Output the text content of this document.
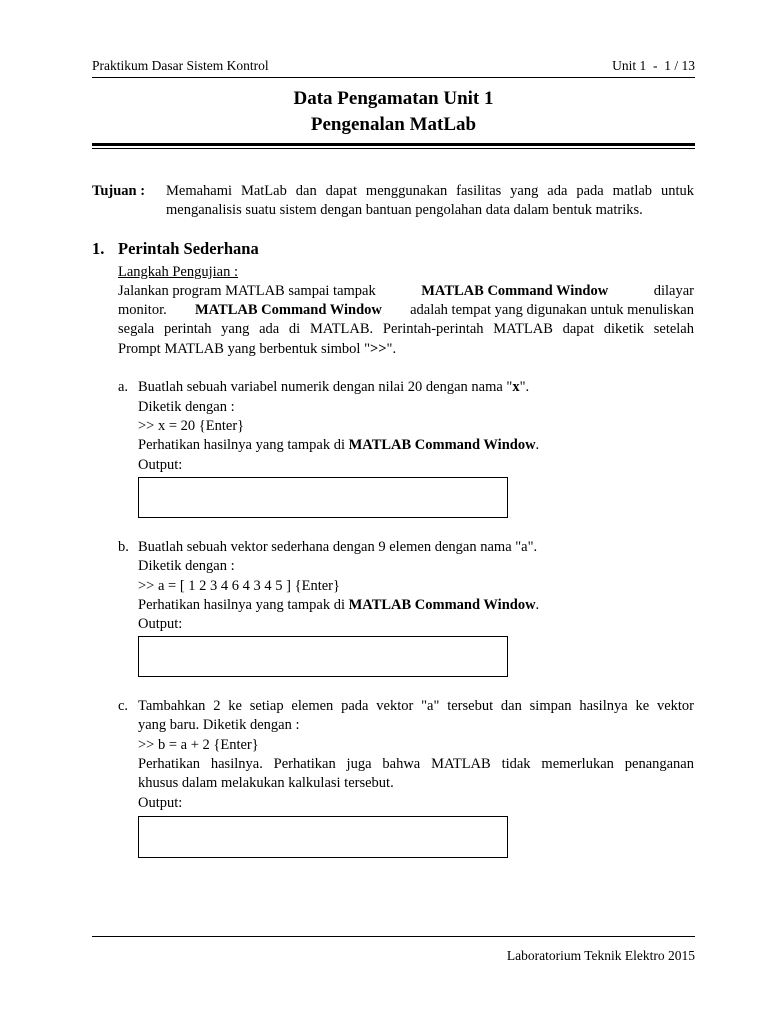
Praktikum Dasar Sistem Kontrol	Unit 1  -  1 / 13
Data Pengamatan Unit 1
Pengenalan MatLab
Tujuan : Memahami MatLab dan dapat menggunakan fasilitas yang ada pada matlab untuk
menganalisis suatu sistem dengan bantuan pengolahan data dalam bentuk matriks.
1. Perintah Sederhana
Langkah Pengujian :
Jalankan program MATLAB sampai tampak	MATLAB Command Window	dilayar
monitor. MATLAB Command Window adalah tempat yang digunakan untuk menuliskan
segala perintah yang ada di MATLAB. Perintah-perintah MATLAB dapat diketik setelah
Prompt MATLAB yang berbentuk simbol ">>".
a. Buatlah sebuah variabel numerik dengan nilai 20 dengan nama "x".
Diketik dengan :
>> x = 20 {Enter}
Perhatikan hasilnya yang tampak di MATLAB Command Window.
Output:
b. Buatlah sebuah vektor sederhana dengan 9 elemen dengan nama "a".
Diketik dengan :
>> a = [ 1 2 3 4 6 4 3 4 5 ] {Enter}
Perhatikan hasilnya yang tampak di MATLAB Command Window.
Output:
c. Tambahkan 2 ke setiap elemen pada vektor "a" tersebut dan simpan hasilnya ke vektor
yang baru. Diketik dengan :
>> b = a + 2 {Enter}
Perhatikan hasilnya. Perhatikan juga bahwa MATLAB tidak memerlukan penanganan
khusus dalam melakukan kalkulasi tersebut.
Output:
Laboratorium Teknik Elektro 2015
